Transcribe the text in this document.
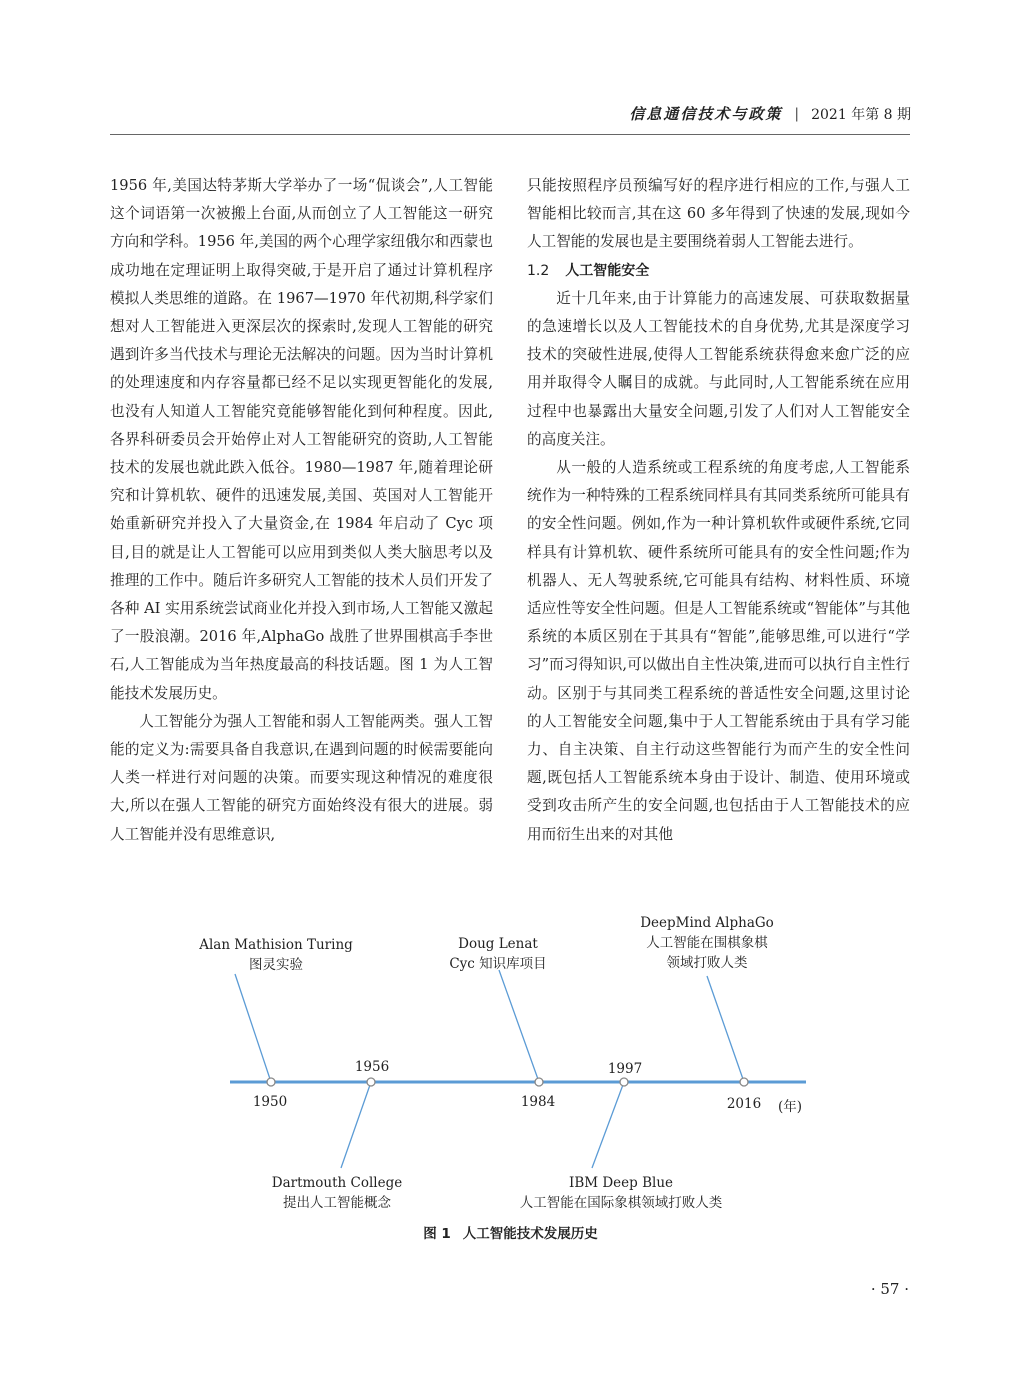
信息通信技术与政策 | 2021 年第 8 期

1956 年,美国达特茅斯大学举办了一场“侃谈会”,人工智能这个词语第一次被搬上台面,从而创立了人工智能这一研究方向和学科。1956 年,美国的两个心理学家纽俄尔和西蒙也成功地在定理证明上取得突破,于是开启了通过计算机程序模拟人类思维的道路。在 1967—1970 年代初期,科学家们想对人工智能进入更深层次的探索时,发现人工智能的研究遇到许多当代技术与理论无法解决的问题。因为当时计算机的处理速度和内存容量都已经不足以实现更智能化的发展,也没有人知道人工智能究竟能够智能化到何种程度。因此,各界科研委员会开始停止对人工智能研究的资助,人工智能技术的发展也就此跌入低谷。1980—1987 年,随着理论研究和计算机软、硬件的迅速发展,美国、英国对人工智能开始重新研究并投入了大量资金,在 1984 年启动了 Cyc 项目,目的就是让人工智能可以应用到类似人类大脑思考以及推理的工作中。随后许多研究人工智能的技术人员们开发了各种 AI 实用系统尝试商业化并投入到市场,人工智能又激起了一股浪潮。2016 年,AlphaGo 战胜了世界围棋高手李世石,人工智能成为当年热度最高的科技话题。图 1 为人工智能技术发展历史。

人工智能分为强人工智能和弱人工智能两类。强人工智能的定义为:需要具备自我意识,在遇到问题的时候需要能向人类一样进行对问题的决策。而要实现这种情况的难度很大,所以在强人工智能的研究方面始终没有很大的进展。弱人工智能并没有思维意识,

只能按照程序员预编写好的程序进行相应的工作,与强人工智能相比较而言,其在这 60 多年得到了快速的发展,现如今人工智能的发展也是主要围绕着弱人工智能去进行。

1.2 人工智能安全

近十几年来,由于计算能力的高速发展、可获取数据量的急速增长以及人工智能技术的自身优势,尤其是深度学习技术的突破性进展,使得人工智能系统获得愈来愈广泛的应用并取得令人瞩目的成就。与此同时,人工智能系统在应用过程中也暴露出大量安全问题,引发了人们对人工智能安全的高度关注。

从一般的人造系统或工程系统的角度考虑,人工智能系统作为一种特殊的工程系统同样具有其同类系统所可能具有的安全性问题。例如,作为一种计算机软件或硬件系统,它同样具有计算机软、硬件系统所可能具有的安全性问题;作为机器人、无人驾驶系统,它可能具有结构、材料性质、环境适应性等安全性问题。但是人工智能系统或“智能体”与其他系统的本质区别在于其具有“智能”,能够思维,可以进行“学习”而习得知识,可以做出自主性决策,进而可以执行自主性行动。区别于与其同类工程系统的普适性安全问题,这里讨论的人工智能安全问题,集中于人工智能系统由于具有学习能力、自主决策、自主行动这些智能行为而产生的安全性问题,既包括人工智能系统本身由于设计、制造、使用环境或受到攻击所产生的安全问题,也包括由于人工智能技术的应用而衍生出来的对其他

Alan Mathision Turing
图灵实验
Dartmouth College
提出人工智能概念
Doug Lenat
Cyc 知识库项目
IBM Deep Blue
人工智能在国际象棋领域打败人类
DeepMind AlphaGo
人工智能在围棋象棋
领域打败人类
1950
1956
1984
1997
2016 (年)
图 1 人工智能技术发展历史
· 57 ·
